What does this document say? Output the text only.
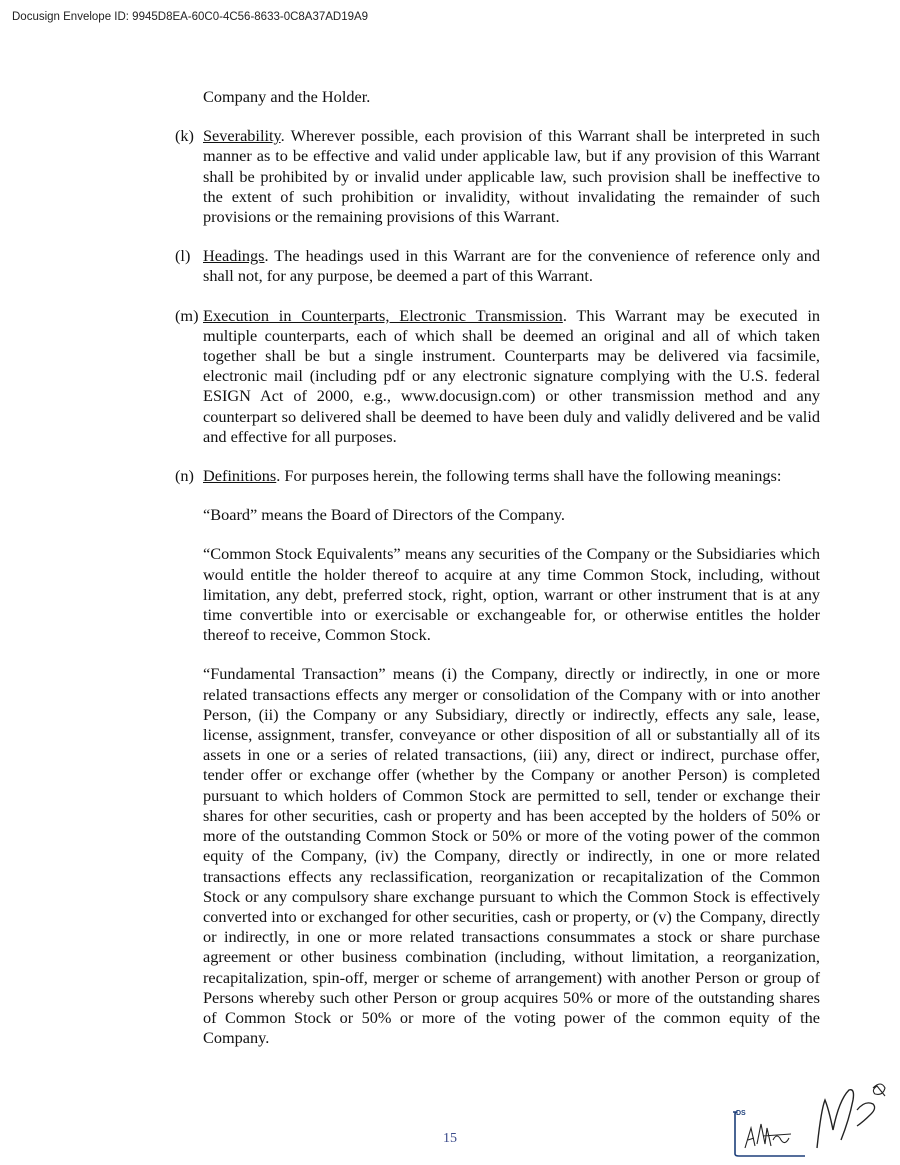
Docusign Envelope ID: 9945D8EA-60C0-4C56-8633-0C8A37AD19A9
Company and the Holder.
(k) Severability. Wherever possible, each provision of this Warrant shall be interpreted in such manner as to be effective and valid under applicable law, but if any provision of this Warrant shall be prohibited by or invalid under applicable law, such provision shall be ineffective to the extent of such prohibition or invalidity, without invalidating the remainder of such provisions or the remaining provisions of this Warrant.
(l) Headings. The headings used in this Warrant are for the convenience of reference only and shall not, for any purpose, be deemed a part of this Warrant.
(m) Execution in Counterparts, Electronic Transmission. This Warrant may be executed in multiple counterparts, each of which shall be deemed an original and all of which taken together shall be but a single instrument. Counterparts may be delivered via facsimile, electronic mail (including pdf or any electronic signature complying with the U.S. federal ESIGN Act of 2000, e.g., www.docusign.com) or other transmission method and any counterpart so delivered shall be deemed to have been duly and validly delivered and be valid and effective for all purposes.
(n) Definitions. For purposes herein, the following terms shall have the following meanings:

“Board” means the Board of Directors of the Company.

“Common Stock Equivalents” means any securities of the Company or the Subsidiaries which would entitle the holder thereof to acquire at any time Common Stock, including, without limitation, any debt, preferred stock, right, option, warrant or other instrument that is at any time convertible into or exercisable or exchangeable for, or otherwise entitles the holder thereof to receive, Common Stock.

“Fundamental Transaction” means (i) the Company, directly or indirectly, in one or more related transactions effects any merger or consolidation of the Company with or into another Person, (ii) the Company or any Subsidiary, directly or indirectly, effects any sale, lease, license, assignment, transfer, conveyance or other disposition of all or substantially all of its assets in one or a series of related transactions, (iii) any, direct or indirect, purchase offer, tender offer or exchange offer (whether by the Company or another Person) is completed pursuant to which holders of Common Stock are permitted to sell, tender or exchange their shares for other securities, cash or property and has been accepted by the holders of 50% or more of the outstanding Common Stock or 50% or more of the voting power of the common equity of the Company, (iv) the Company, directly or indirectly, in one or more related transactions effects any reclassification, reorganization or recapitalization of the Common Stock or any compulsory share exchange pursuant to which the Common Stock is effectively converted into or exchanged for other securities, cash or property, or (v) the Company, directly or indirectly, in one or more related transactions consummates a stock or share purchase agreement or other business combination (including, without limitation, a reorganization, recapitalization, spin-off, merger or scheme of arrangement) with another Person or group of Persons whereby such other Person or group acquires 50% or more of the outstanding shares of Common Stock or 50% or more of the voting power of the common equity of the Company.

15
DS
